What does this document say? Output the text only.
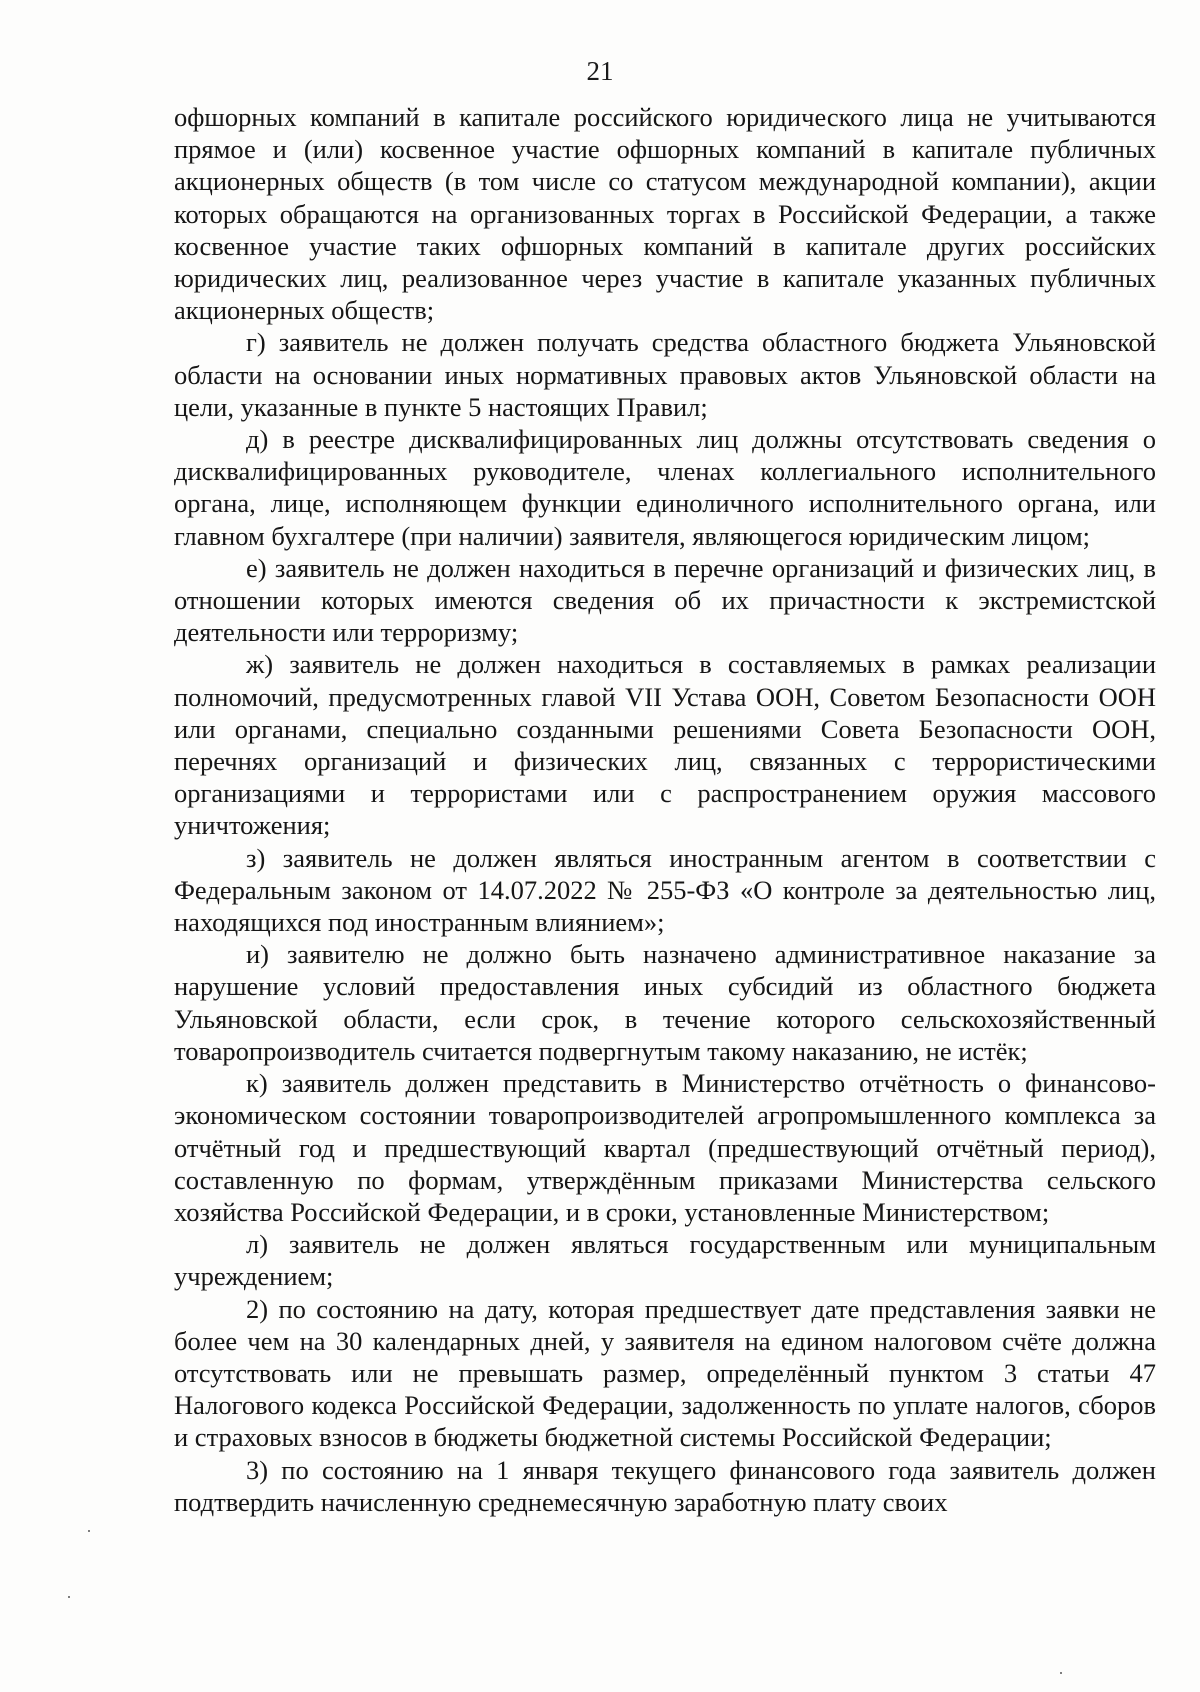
21

офшорных компаний в капитале российского юридического лица не учитываются прямое и (или) косвенное участие офшорных компаний в капитале публичных акционерных обществ (в том числе со статусом международной компании), акции которых обращаются на организованных торгах в Российской Федерации, а также косвенное участие таких офшорных компаний в капитале других российских юридических лиц, реализованное через участие в капитале указанных публичных акционерных обществ;

г) заявитель не должен получать средства областного бюджета Ульяновской области на основании иных нормативных правовых актов Ульяновской области на цели, указанные в пункте 5 настоящих Правил;

д) в реестре дисквалифицированных лиц должны отсутствовать сведения о дисквалифицированных руководителе, членах коллегиального исполнительного органа, лице, исполняющем функции единоличного исполнительного органа, или главном бухгалтере (при наличии) заявителя, являющегося юридическим лицом;

е) заявитель не должен находиться в перечне организаций и физических лиц, в отношении которых имеются сведения об их причастности к экстремистской деятельности или терроризму;

ж) заявитель не должен находиться в составляемых в рамках реализации полномочий, предусмотренных главой VII Устава ООН, Советом Безопасности ООН или органами, специально созданными решениями Совета Безопасности ООН, перечнях организаций и физических лиц, связанных с террористическими организациями и террористами или с распространением оружия массового уничтожения;

з) заявитель не должен являться иностранным агентом в соответствии с Федеральным законом от 14.07.2022 № 255-ФЗ «О контроле за деятельностью лиц, находящихся под иностранным влиянием»;

и) заявителю не должно быть назначено административное наказание за нарушение условий предоставления иных субсидий из областного бюджета Ульяновской области, если срок, в течение которого сельскохозяйственный товаропроизводитель считается подвергнутым такому наказанию, не истёк;

к) заявитель должен представить в Министерство отчётность о финансово-экономическом состоянии товаропроизводителей агропромышленного комплекса за отчётный год и предшествующий квартал (предшествующий отчётный период), составленную по формам, утверждённым приказами Министерства сельского хозяйства Российской Федерации, и в сроки, установленные Министерством;

л) заявитель не должен являться государственным или муниципальным учреждением;

2) по состоянию на дату, которая предшествует дате представления заявки не более чем на 30 календарных дней, у заявителя на едином налоговом счёте должна отсутствовать или не превышать размер, определённый пунктом 3 статьи 47 Налогового кодекса Российской Федерации, задолженность по уплате налогов, сборов и страховых взносов в бюджеты бюджетной системы Российской Федерации;

3) по состоянию на 1 января текущего финансового года заявитель должен подтвердить начисленную среднемесячную заработную плату своих
